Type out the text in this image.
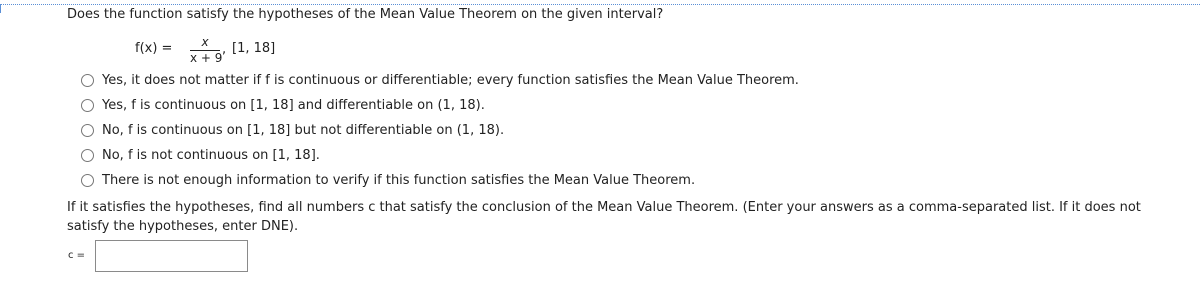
Does the function satisfy the hypotheses of the Mean Value Theorem on the given interval?
f(x) =	x
x + 9
, [1, 18]
Yes, it does not matter if f is continuous or differentiable; every function satisfies the Mean Value Theorem.
Yes, f is continuous on [1, 18] and differentiable on (1, 18).
No, f is continuous on [1, 18] but not differentiable on (1, 18).
No, f is not continuous on [1, 18].
There is not enough information to verify if this function satisfies the Mean Value Theorem.
If it satisfies the hypotheses, find all numbers c that satisfy the conclusion of the Mean Value Theorem. (Enter your answers as a comma-separated list. If it does not satisfy the hypotheses, enter DNE).
c =
